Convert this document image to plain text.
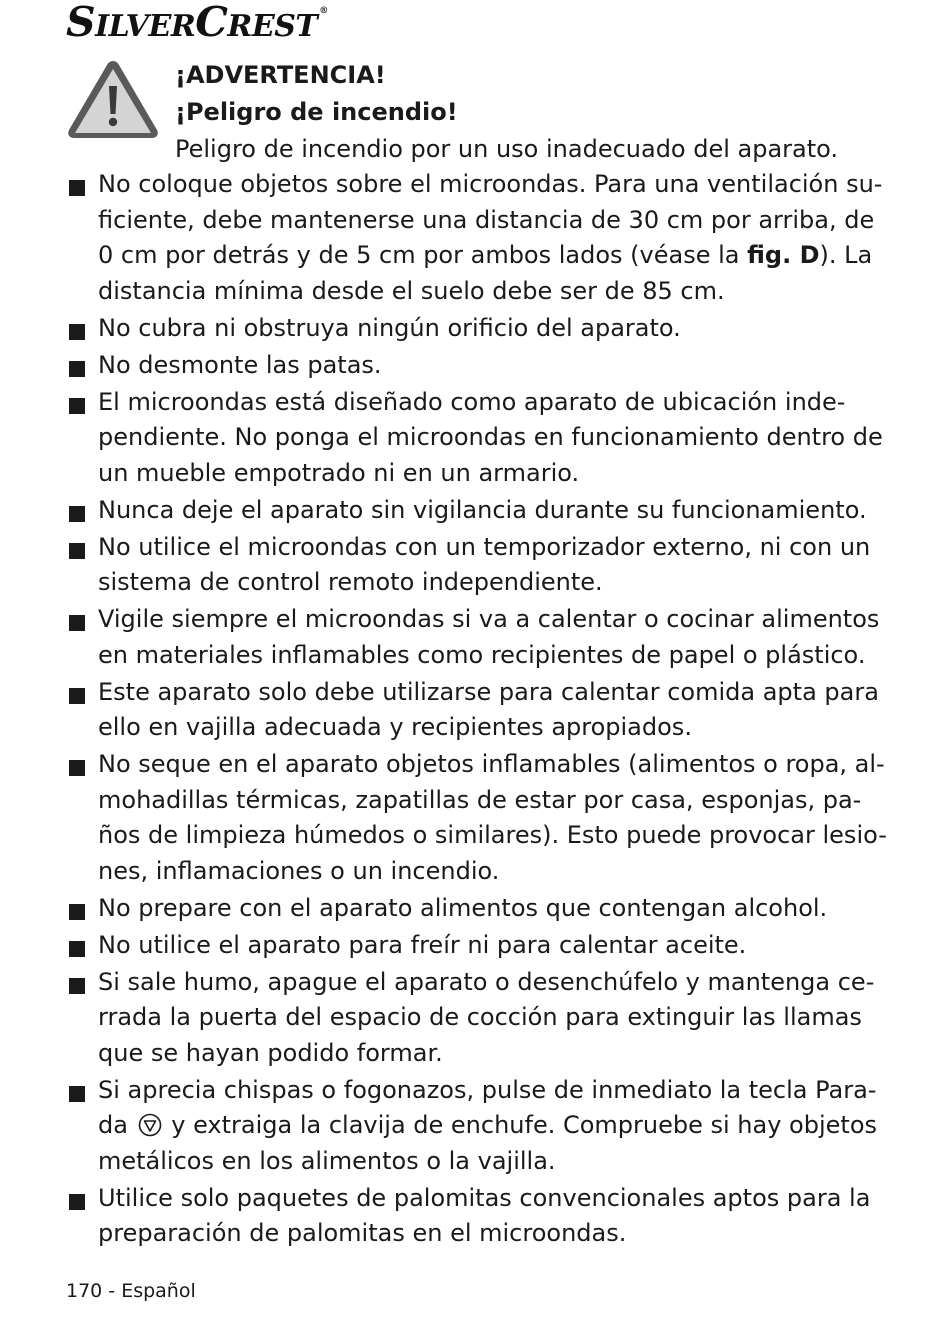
SILVERCREST ®
¡ADVERTENCIA!
¡Peligro de incendio!
Peligro de incendio por un uso inadecuado del aparato.
No coloque objetos sobre el microondas. Para una ventilación su-
ficiente, debe mantenerse una distancia de 30 cm por arriba, de
0 cm por detrás y de 5 cm por ambos lados (véase la fig. D). La
distancia mínima desde el suelo debe ser de 85 cm.
No cubra ni obstruya ningún orificio del aparato.
No desmonte las patas.
El microondas está diseñado como aparato de ubicación inde-
pendiente. No ponga el microondas en funcionamiento dentro de
un mueble empotrado ni en un armario.
Nunca deje el aparato sin vigilancia durante su funcionamiento.
No utilice el microondas con un temporizador externo, ni con un
sistema de control remoto independiente.
Vigile siempre el microondas si va a calentar o cocinar alimentos
en materiales inflamables como recipientes de papel o plástico.
Este aparato solo debe utilizarse para calentar comida apta para
ello en vajilla adecuada y recipientes apropiados.
No seque en el aparato objetos inflamables (alimentos o ropa, al-
mohadillas térmicas, zapatillas de estar por casa, esponjas, pa-
ños de limpieza húmedos o similares). Esto puede provocar lesio-
nes, inflamaciones o un incendio.
No prepare con el aparato alimentos que contengan alcohol.
No utilice el aparato para freír ni para calentar aceite.
Si sale humo, apague el aparato o desenchúfelo y mantenga ce-
rrada la puerta del espacio de cocción para extinguir las llamas
que se hayan podido formar.
Si aprecia chispas o fogonazos, pulse de inmediato la tecla Para-
da y extraiga la clavija de enchufe. Compruebe si hay objetos
metálicos en los alimentos o la vajilla.
Utilice solo paquetes de palomitas convencionales aptos para la
preparación de palomitas en el microondas.
170 - Español
